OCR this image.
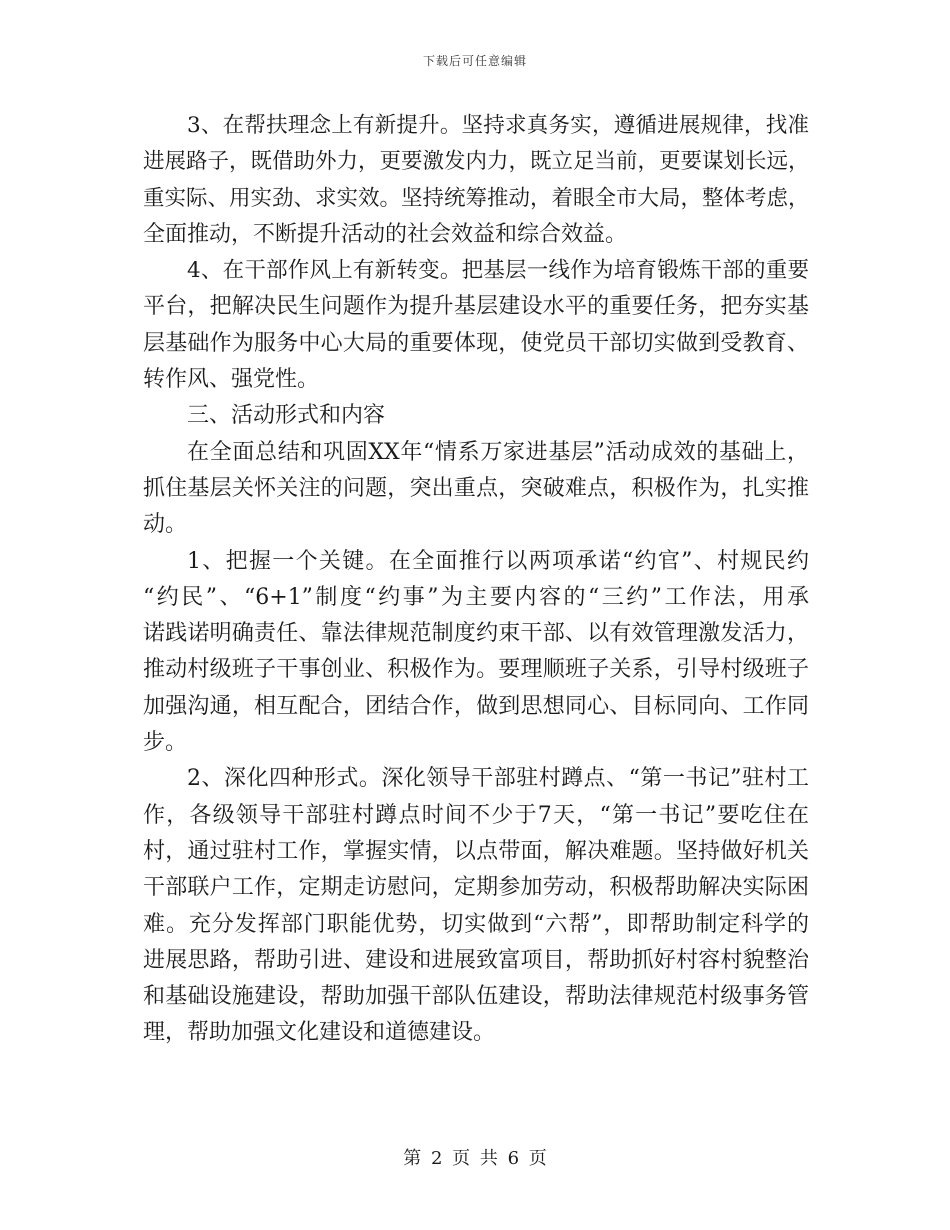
下载后可任意编辑
3、在帮扶理念上有新提升。坚持求真务实，遵循进展规律，找准
进展路子，既借助外力，更要激发内力，既立足当前，更要谋划长远，
重实际、用实劲、求实效。坚持统筹推动，着眼全市大局，整体考虑，
全面推动，不断提升活动的社会效益和综合效益。
4、在干部作风上有新转变。把基层一线作为培育锻炼干部的重要
平台，把解决民生问题作为提升基层建设水平的重要任务，把夯实基
层基础作为服务中心大局的重要体现，使党员干部切实做到受教育、
转作风、强党性。
三、活动形式和内容
在全面总结和巩固XX年“情系万家进基层”活动成效的基础上，
抓住基层关怀关注的问题，突出重点，突破难点，积极作为，扎实推
动。
1、把握一个关键。在全面推行以两项承诺“约官”、村规民约
“约民”、“6+1”制度“约事”为主要内容的“三约”工作法，用承
诺践诺明确责任、靠法律规范制度约束干部、以有效管理激发活力，
推动村级班子干事创业、积极作为。要理顺班子关系，引导村级班子
加强沟通，相互配合，团结合作，做到思想同心、目标同向、工作同
步。
2、深化四种形式。深化领导干部驻村蹲点、“第一书记”驻村工
作，各级领导干部驻村蹲点时间不少于7天，“第一书记”要吃住在
村，通过驻村工作，掌握实情，以点带面，解决难题。坚持做好机关
干部联户工作，定期走访慰问，定期参加劳动，积极帮助解决实际困
难。充分发挥部门职能优势，切实做到“六帮”，即帮助制定科学的
进展思路，帮助引进、建设和进展致富项目，帮助抓好村容村貌整治
和基础设施建设，帮助加强干部队伍建设，帮助法律规范村级事务管
理，帮助加强文化建设和道德建设。
第 2 页 共 6 页
